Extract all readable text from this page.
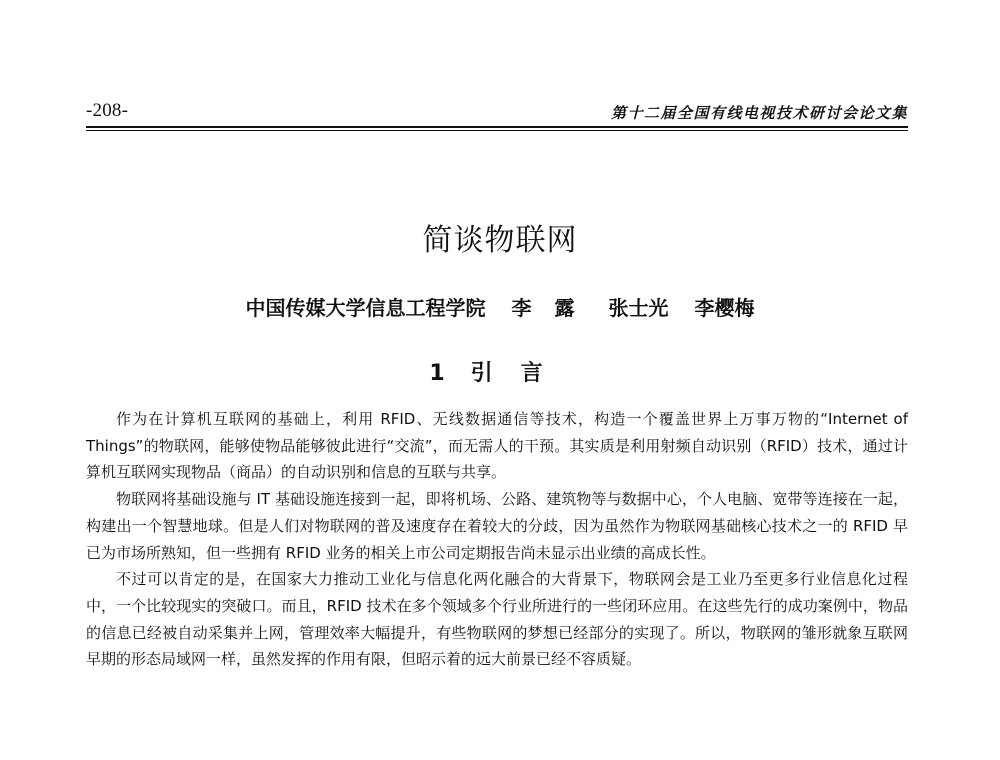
-208-	第十二届全国有线电视技术研讨会论文集
简谈物联网
中国传媒大学信息工程学院 李 露 张士光 李樱梅
1 引言

作为在计算机互联网的基础上，利用 RFID、无线数据通信等技术，构造一个覆盖世界上万事万物的“Internet of Things”的物联网，能够使物品能够彼此进行“交流”，而无需人的干预。其实质是利用射频自动识别（RFID）技术，通过计算机互联网实现物品（商品）的自动识别和信息的互联与共享。

物联网将基础设施与 IT 基础设施连接到一起，即将机场、公路、建筑物等与数据中心，个人电脑、宽带等连接在一起，构建出一个智慧地球。但是人们对物联网的普及速度存在着较大的分歧，因为虽然作为物联网基础核心技术之一的 RFID 早已为市场所熟知，但一些拥有 RFID 业务的相关上市公司定期报告尚未显示出业绩的高成长性。

不过可以肯定的是，在国家大力推动工业化与信息化两化融合的大背景下，物联网会是工业乃至更多行业信息化过程中，一个比较现实的突破口。而且，RFID 技术在多个领域多个行业所进行的一些闭环应用。在这些先行的成功案例中，物品的信息已经被自动采集并上网，管理效率大幅提升，有些物联网的梦想已经部分的实现了。所以，物联网的雏形就象互联网早期的形态局域网一样，虽然发挥的作用有限，但昭示着的远大前景已经不容质疑。
